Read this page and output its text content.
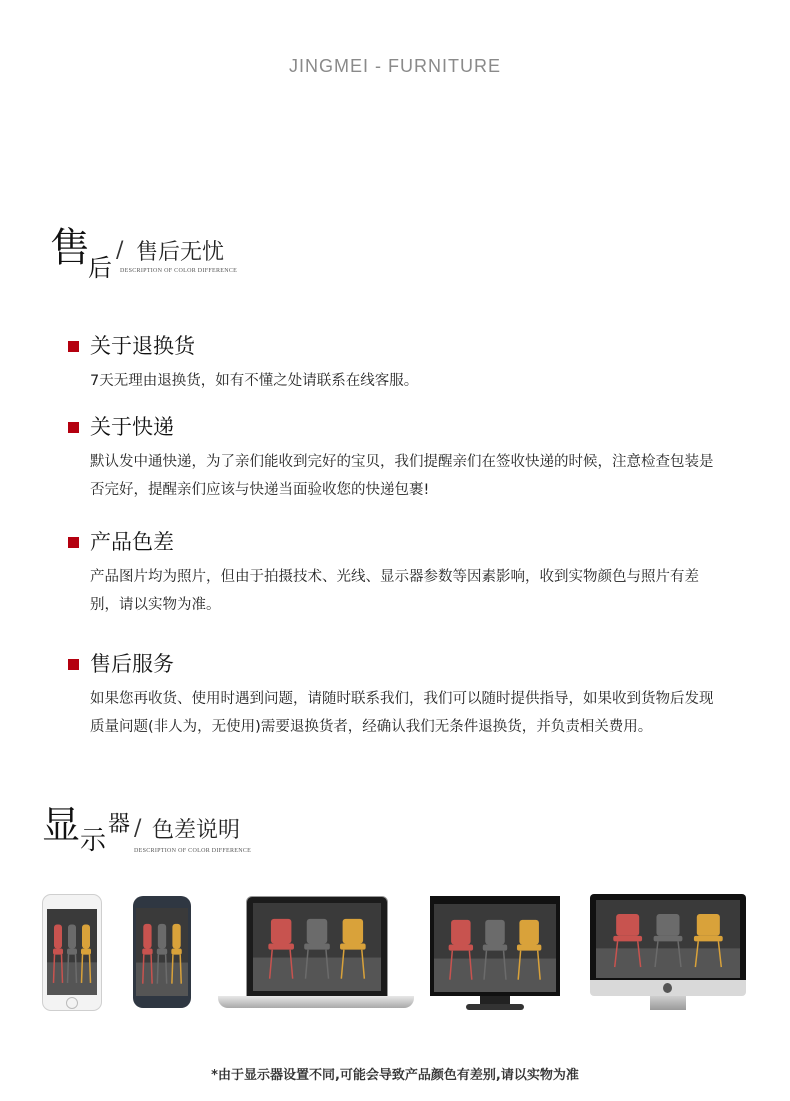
JINGMEI - FURNITURE
售
后
/ 售后无忧
DESCRIPTION OF COLOR DIFFERENCE
关于退换货
7天无理由退换货，如有不懂之处请联系在线客服。
关于快递
默认发中通快递，为了亲们能收到完好的宝贝，我们提醒亲们在签收快递的时候，注意检查包装是否完好，提醒亲们应该与快递当面验收您的快递包裹!
产品色差
产品图片均为照片，但由于拍摄技术、光线、显示器参数等因素影响，收到实物颜色与照片有差别，请以实物为准。
售后服务
如果您再收货、使用时遇到问题，请随时联系我们，我们可以随时提供指导，如果收到货物后发现质量问题(非人为，无使用)需要退换货者，经确认我们无条件退换货，并负责相关费用。
显 示
器 / 色差说明
DESCRIPTION OF COLOR DIFFERENCE
*由于显示器设置不同,可能会导致产品颜色有差别,请以实物为准
